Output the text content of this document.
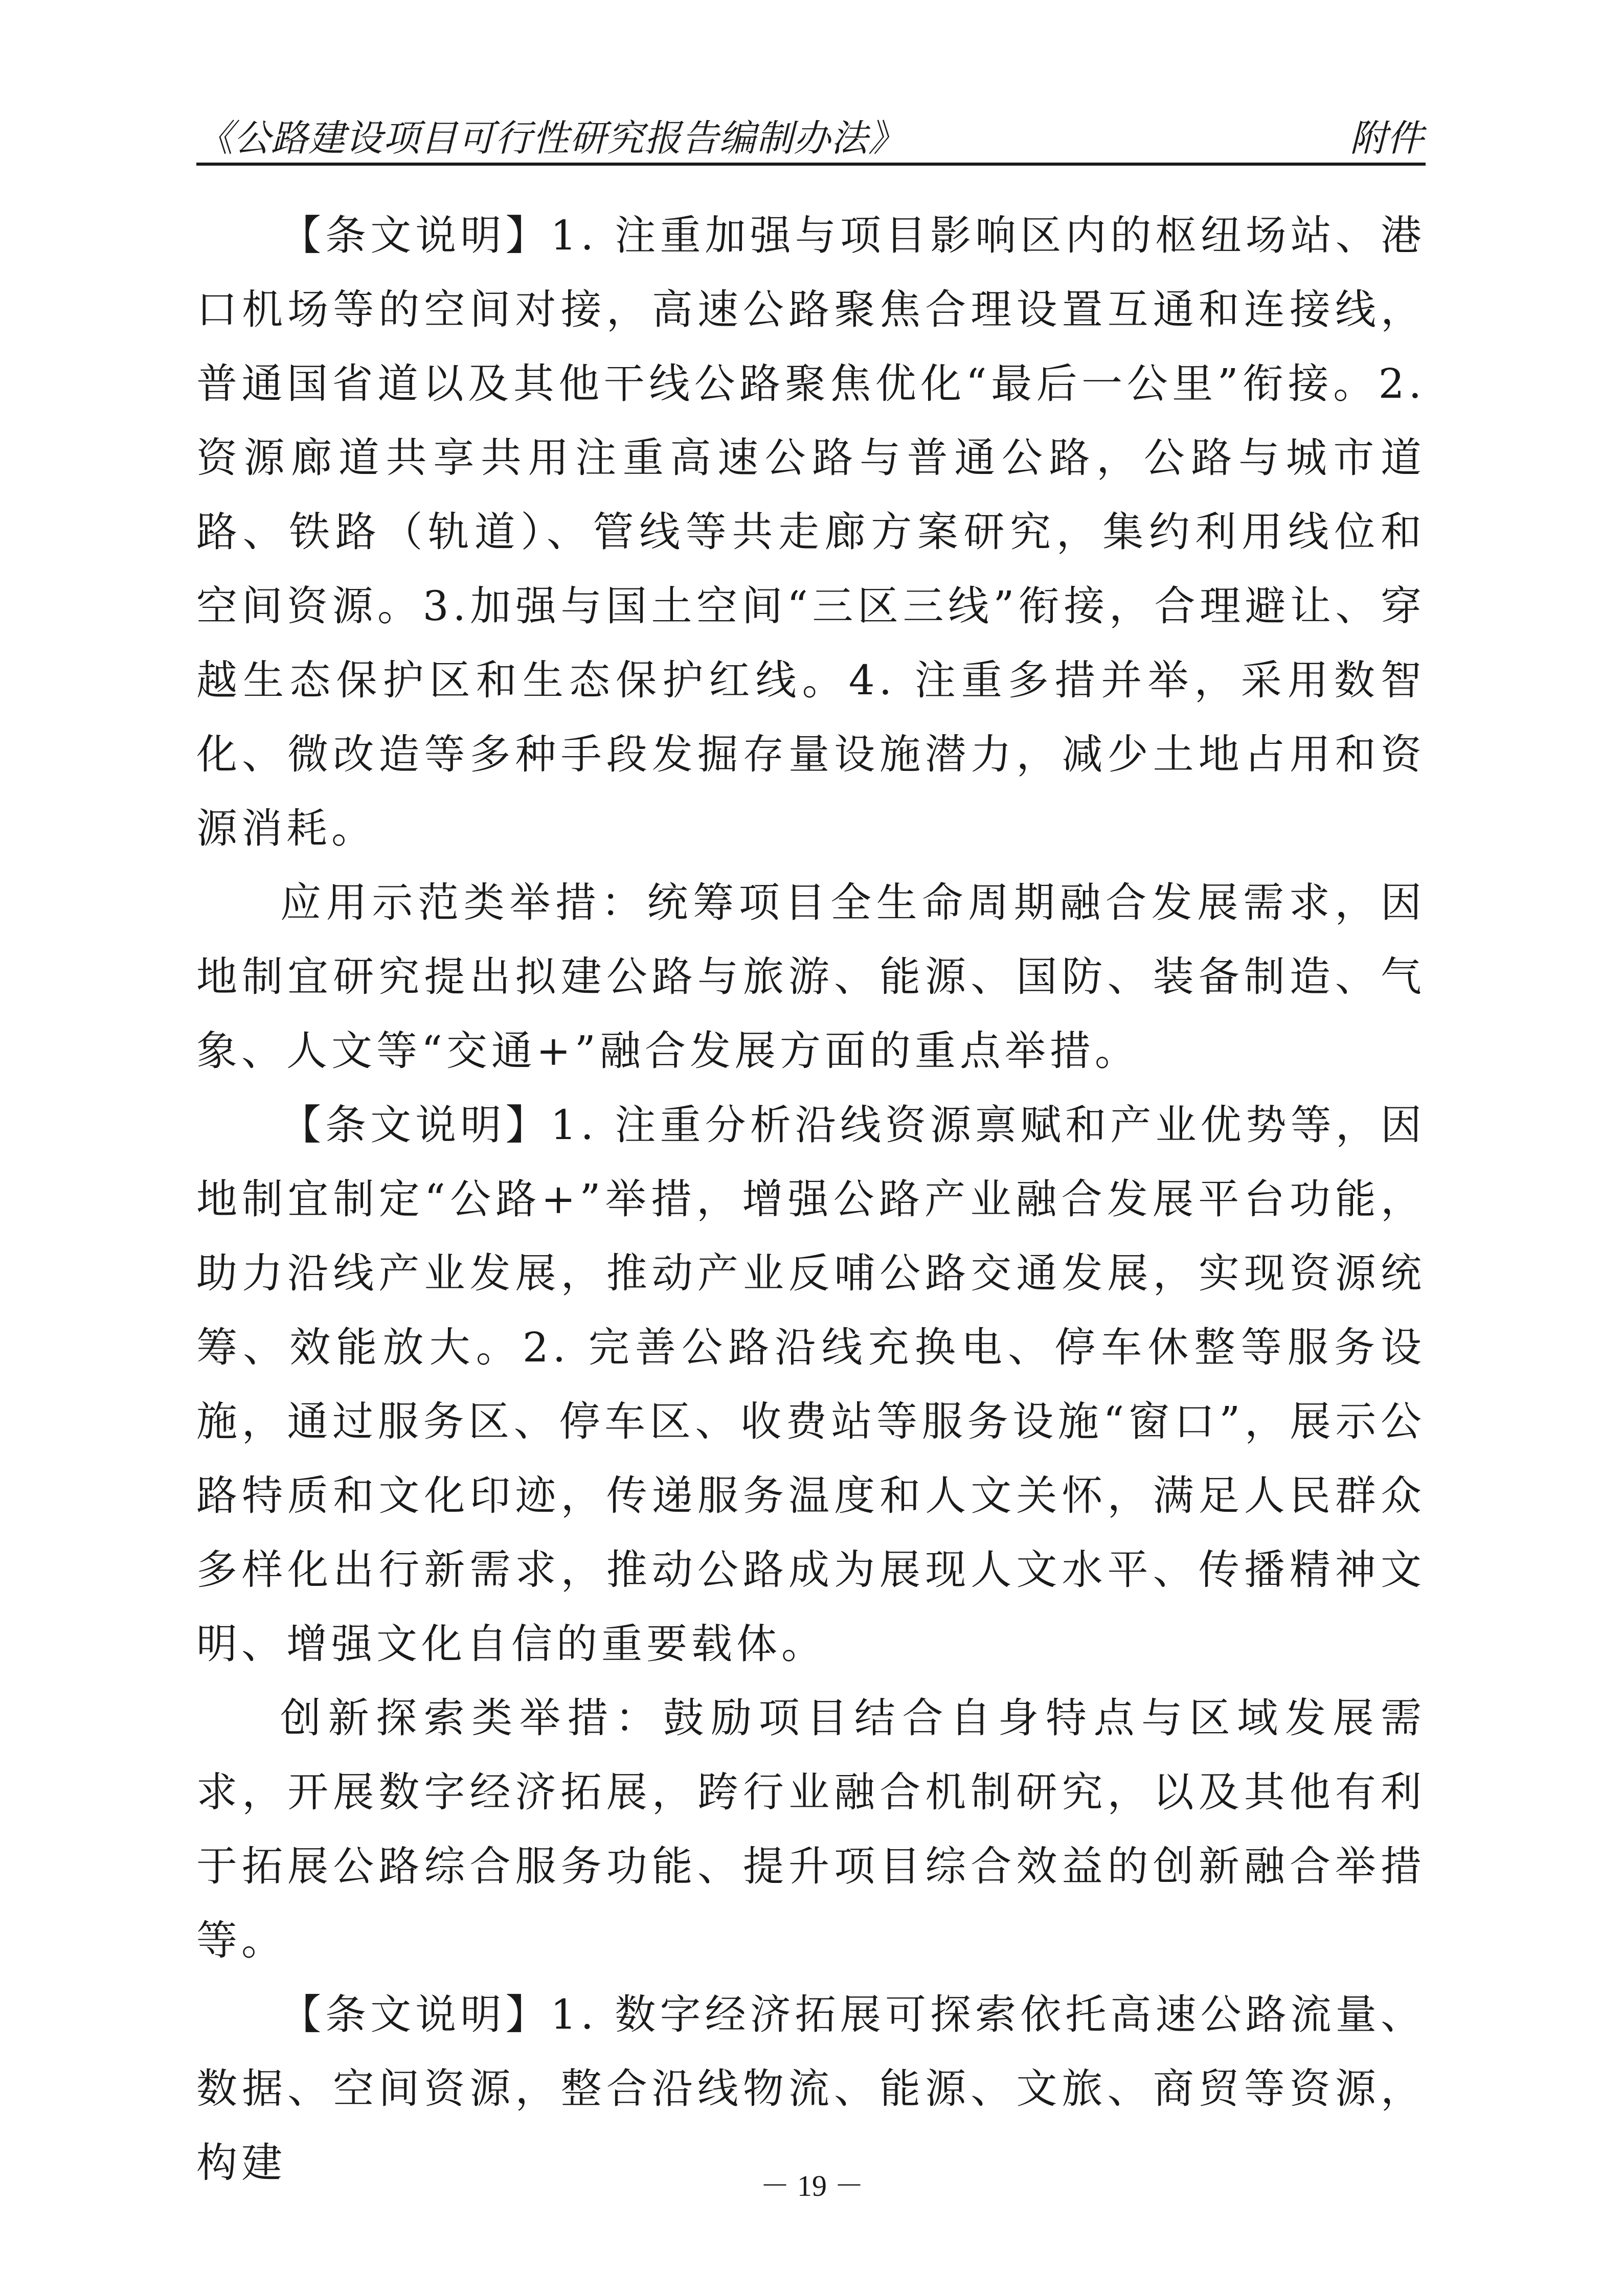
《公路建设项目可行性研究报告编制办法》	附件

【条文说明】1. 注重加强与项目影响区内的枢纽场站、港口机场等的空间对接，高速公路聚焦合理设置互通和连接线，普通国省道以及其他干线公路聚焦优化“最后一公里”衔接。2. 资源廊道共享共用注重高速公路与普通公路，公路与城市道路、铁路（轨道）、管线等共走廊方案研究，集约利用线位和空间资源。3.加强与国土空间“三区三线”衔接，合理避让、穿越生态保护区和生态保护红线。4. 注重多措并举，采用数智化、微改造等多种手段发掘存量设施潜力，减少土地占用和资源消耗。

应用示范类举措：统筹项目全生命周期融合发展需求，因地制宜研究提出拟建公路与旅游、能源、国防、装备制造、气象、人文等“交通+”融合发展方面的重点举措。

【条文说明】1. 注重分析沿线资源禀赋和产业优势等，因地制宜制定“公路+”举措，增强公路产业融合发展平台功能，助力沿线产业发展，推动产业反哺公路交通发展，实现资源统筹、效能放大。2. 完善公路沿线充换电、停车休整等服务设施，通过服务区、停车区、收费站等服务设施“窗口”，展示公路特质和文化印迹，传递服务温度和人文关怀，满足人民群众多样化出行新需求，推动公路成为展现人文水平、传播精神文明、增强文化自信的重要载体。

创新探索类举措：鼓励项目结合自身特点与区域发展需求，开展数字经济拓展，跨行业融合机制研究，以及其他有利于拓展公路综合服务功能、提升项目综合效益的创新融合举措等。

【条文说明】1. 数字经济拓展可探索依托高速公路流量、数据、空间资源，整合沿线物流、能源、文旅、商贸等资源，构建	－ 19 －
